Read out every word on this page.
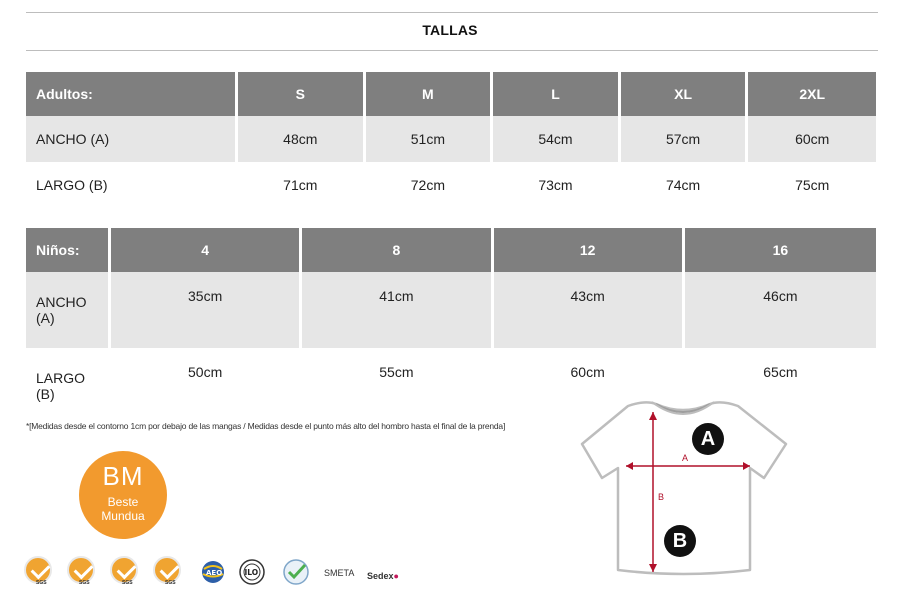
TALLAS
Adultos:	S	M	L	XL	2XL
ANCHO (A)	48cm	51cm	54cm	57cm	60cm
LARGO (B)	71cm	72cm	73cm	74cm	75cm
Niños:	4	8	12	16
ANCHO
(A)	35cm	41cm	43cm	46cm
LARGO
(B)	50cm	55cm	60cm	65cm
*[Medidas desde el contorno 1cm por debajo de las mangas / Medidas desde el punto más alto del hombro hasta el final de la prenda]
BM
Beste
Mundua
SGS	SGS	SGS	SGS
AEO	ILO	SMETA Sedex●
A
B
A
B
